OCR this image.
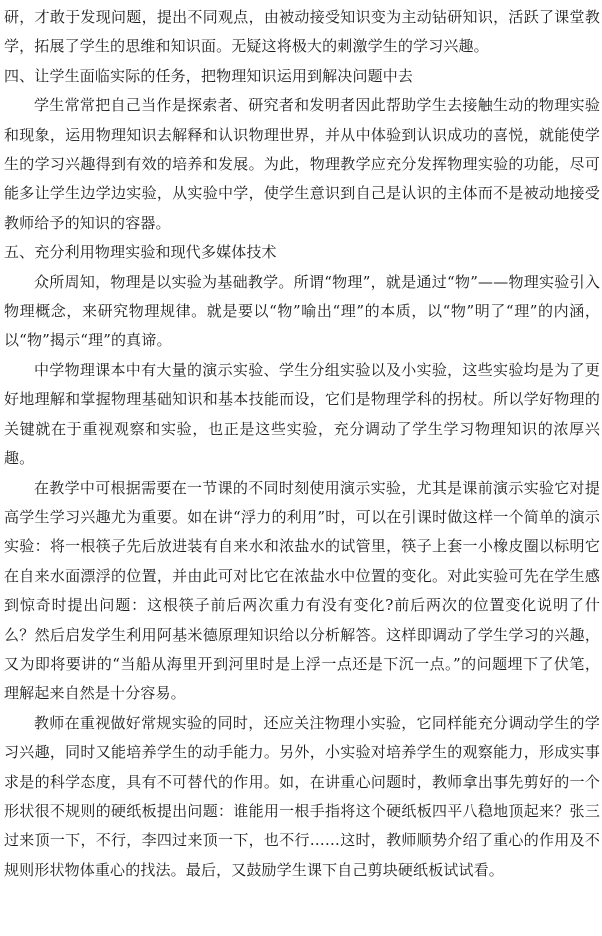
研，才敢于发现问题，提出不同观点，由被动接受知识变为主动钻研知识，活跃了课堂教学，拓展了学生的思维和知识面。无疑这将极大的刺激学生的学习兴趣。

四、让学生面临实际的任务，把物理知识运用到解决问题中去

学生常常把自己当作是探索者、研究者和发明者因此帮助学生去接触生动的物理实验和现象，运用物理知识去解释和认识物理世界，并从中体验到认识成功的喜悦，就能使学生的学习兴趣得到有效的培养和发展。为此，物理教学应充分发挥物理实验的功能，尽可能多让学生边学边实验，从实验中学，使学生意识到自己是认识的主体而不是被动地接受教师给予的知识的容器。

五、充分利用物理实验和现代多媒体技术

众所周知，物理是以实验为基础教学。所谓“物理”，就是通过“物”——物理实验引入物理概念，来研究物理规律。就是要以“物”喻出“理”的本质，以“物”明了“理”的内涵，以“物”揭示“理”的真谛。

中学物理课本中有大量的演示实验、学生分组实验以及小实验，这些实验均是为了更好地理解和掌握物理基础知识和基本技能而设，它们是物理学科的拐杖。所以学好物理的关键就在于重视观察和实验，也正是这些实验，充分调动了学生学习物理知识的浓厚兴趣。

在教学中可根据需要在一节课的不同时刻使用演示实验，尤其是课前演示实验它对提高学生学习兴趣尤为重要。如在讲“浮力的利用”时，可以在引课时做这样一个简单的演示实验：将一根筷子先后放进装有自来水和浓盐水的试管里，筷子上套一小橡皮圈以标明它在自来水面漂浮的位置，并由此可对比它在浓盐水中位置的变化。对此实验可先在学生感到惊奇时提出问题：这根筷子前后两次重力有没有变化?前后两次的位置变化说明了什么？然后启发学生利用阿基米德原理知识给以分析解答。这样即调动了学生学习的兴趣，又为即将要讲的“当船从海里开到河里时是上浮一点还是下沉一点。”的问题埋下了伏笔，理解起来自然是十分容易。

教师在重视做好常规实验的同时，还应关注物理小实验，它同样能充分调动学生的学习兴趣，同时又能培养学生的动手能力。另外，小实验对培养学生的观察能力，形成实事求是的科学态度，具有不可替代的作用。如，在讲重心问题时，教师拿出事先剪好的一个形状很不规则的硬纸板提出问题：谁能用一根手指将这个硬纸板四平八稳地顶起来？张三过来顶一下，不行，李四过来顶一下，也不行……这时，教师顺势介绍了重心的作用及不规则形状物体重心的找法。最后，又鼓励学生课下自己剪块硬纸板试试看。
